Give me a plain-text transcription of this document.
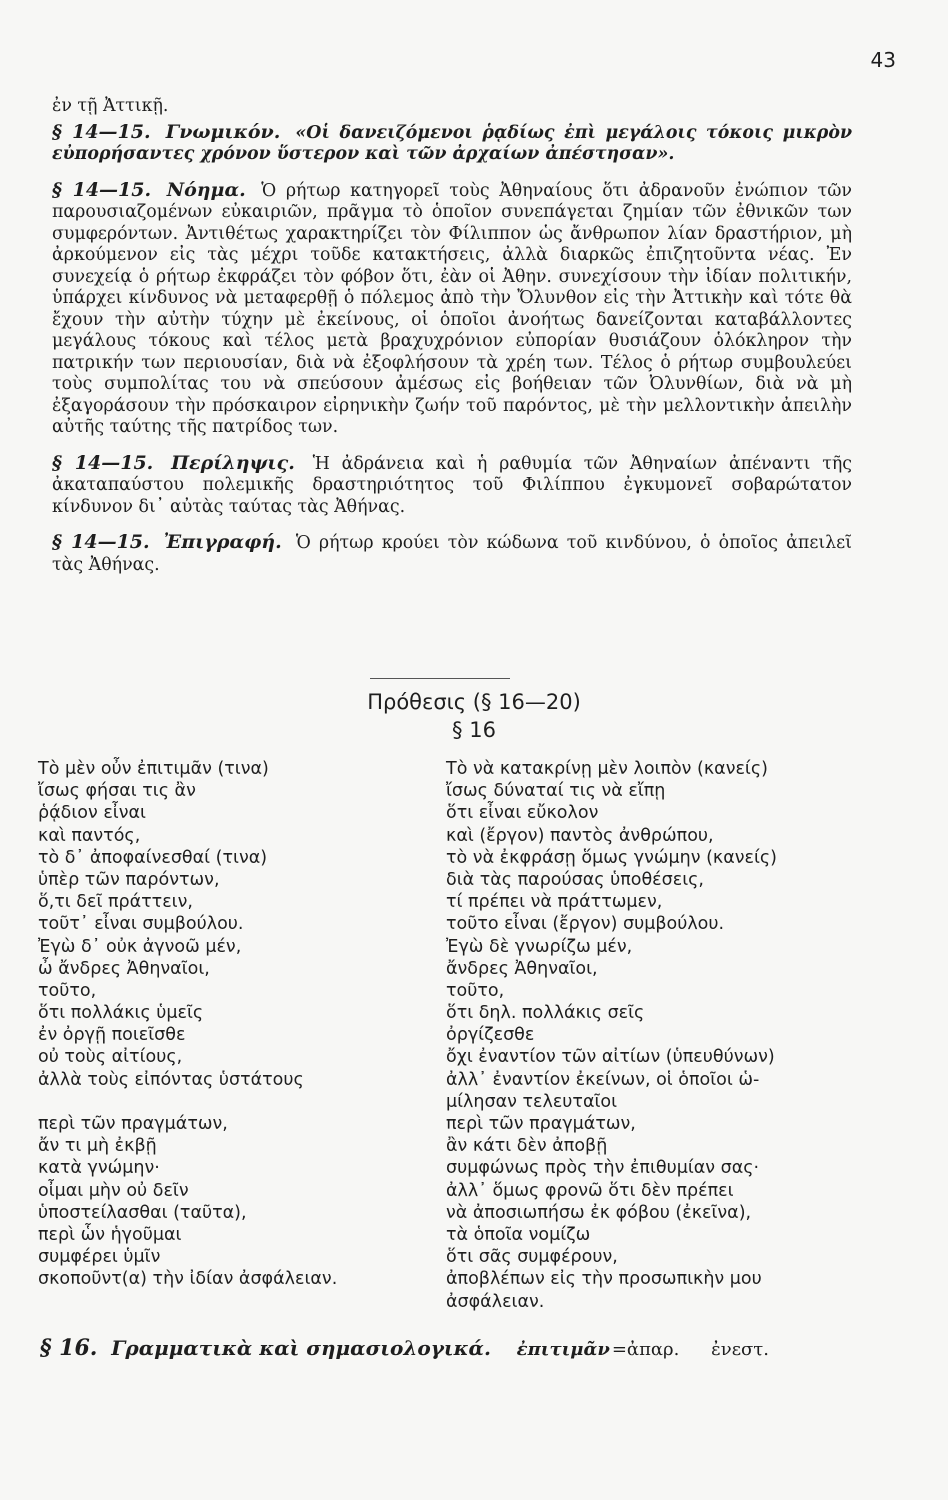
43

ἐν τῇ Ἀττικῇ.

§ 14—15. Γνωμικόν. «Οἱ δανειζόμενοι ῥᾳδίως ἐπὶ μεγάλοις τόκοις μικρὸν εὐπορήσαντες χρόνον ὕστερον καὶ τῶν ἀρχαίων ἀπέστησαν».

§ 14—15. Νόημα. Ὁ ρήτωρ κατηγορεῖ τοὺς Ἀθηναίους ὅτι ἀδρανοῦν ἐνώπιον τῶν παρουσιαζομένων εὐκαιριῶν, πρᾶγμα τὸ ὁποῖον συνεπάγεται ζημίαν τῶν ἐθνικῶν των συμφερόντων. Ἀντιθέτως χαρακτηρίζει τὸν Φίλιππον ὡς ἄνθρωπον λίαν δραστήριον, μὴ ἀρκούμενον εἰς τὰς μέχρι τοῦδε κατακτήσεις, ἀλλὰ διαρκῶς ἐπιζητοῦντα νέας. Ἐν συνεχείᾳ ὁ ρήτωρ ἐκφράζει τὸν φόβον ὅτι, ἐὰν οἱ Ἀθην. συνεχίσουν τὴν ἰδίαν πολιτικήν, ὑπάρχει κίνδυνος νὰ μεταφερθῇ ὁ πόλεμος ἀπὸ τὴν Ὄλυνθον εἰς τὴν Ἀττικὴν καὶ τότε θὰ ἔχουν τὴν αὐτὴν τύχην μὲ ἐκείνους, οἱ ὁποῖοι ἀνοήτως δανείζονται καταβάλλοντες μεγάλους τόκους καὶ τέλος μετὰ βραχυχρόνιον εὐπορίαν θυσιάζουν ὁλόκληρον τὴν πατρικήν των περιουσίαν, διὰ νὰ ἐξοφλήσουν τὰ χρέη των. Τέλος ὁ ρήτωρ συμβουλεύει τοὺς συμπολίτας του νὰ σπεύσουν ἀμέσως εἰς βοήθειαν τῶν Ὀλυνθίων, διὰ νὰ μὴ ἐξαγοράσουν τὴν πρόσκαιρον εἰρηνικὴν ζωήν τοῦ παρόντος, μὲ τὴν μελλοντικὴν ἀπειλὴν αὐτῆς ταύτης τῆς πατρίδος των.

§ 14—15. Περίληψις. Ἡ ἀδράνεια καὶ ἡ ραθυμία τῶν Ἀθηναίων ἀπέναντι τῆς ἀκαταπαύστου πολεμικῆς δραστηριότητος τοῦ Φιλίππου ἐγκυμονεῖ σοβαρώτατον κίνδυνον δι᾽ αὐτὰς ταύτας τὰς Ἀθήνας.

§ 14—15. Ἐπιγραφή. Ὁ ρήτωρ κρούει τὸν κώδωνα τοῦ κινδύνου, ὁ ὁποῖος ἀπειλεῖ τὰς Ἀθήνας.

Πρόθεσις (§ 16—20)
§ 16
Τὸ μὲν οὖν ἐπιτιμᾶν (τινα)
ἴσως φήσαι τις ἂν
ῥᾴδιον εἶναι
καὶ παντός,
τὸ δ᾽ ἀποφαίνεσθαί (τινα)
ὑπὲρ τῶν παρόντων,
ὅ,τι δεῖ πράττειν,
τοῦτ᾽ εἶναι συμβούλου.
Ἐγὼ δ᾽ οὐκ ἀγνοῶ μέν,
ὦ ἄνδρες Ἀθηναῖοι,
τοῦτο,
ὅτι πολλάκις ὑμεῖς
ἐν ὀργῇ ποιεῖσθε
οὐ τοὺς αἰτίους,
ἀλλὰ τοὺς εἰπόντας ὑστάτους
περὶ τῶν πραγμάτων,
ἄν τι μὴ ἐκβῇ
κατὰ γνώμην·
οἶμαι μὴν οὐ δεῖν
ὑποστείλασθαι (ταῦτα),
περὶ ὧν ἡγοῦμαι
συμφέρει ὑμῖν
σκοποῦντ(α) τὴν ἰδίαν ἀσφάλειαν.
Τὸ νὰ κατακρίνῃ μὲν λοιπὸν (κανείς)
ἴσως δύναταί τις νὰ εἴπῃ
ὅτι εἶναι εὔκολον
καὶ (ἔργον) παντὸς ἀνθρώπου,
τὸ νὰ ἐκφράσῃ ὅμως γνώμην (κανείς)
διὰ τὰς παρούσας ὑποθέσεις,
τί πρέπει νὰ πράττωμεν,
τοῦτο εἶναι (ἔργον) συμβούλου.
Ἐγὼ δὲ γνωρίζω μέν,
ἄνδρες Ἀθηναῖοι,
τοῦτο,
ὅτι δηλ. πολλάκις σεῖς
ὀργίζεσθε
ὄχι ἐναντίον τῶν αἰτίων (ὑπευθύνων)
ἀλλ᾽ ἐναντίον ἐκείνων, οἱ ὁποῖοι ὡ-
μίλησαν τελευταῖοι
περὶ τῶν πραγμάτων,
ἂν κάτι δὲν ἀποβῇ
συμφώνως πρὸς τὴν ἐπιθυμίαν σας·
ἀλλ᾽ ὅμως φρονῶ ὅτι δὲν πρέπει
νὰ ἀποσιωπήσω ἐκ φόβου (ἐκεῖνα),
τὰ ὁποῖα νομίζω
ὅτι σᾶς συμφέρουν,
ἀποβλέπων εἰς τὴν προσωπικὴν μου
ἀσφάλειαν.
§ 16. Γραμματικὰ καὶ σημασιολογικά. ἐπιτιμᾶν =ἀπαρ. ἐνεστ.
